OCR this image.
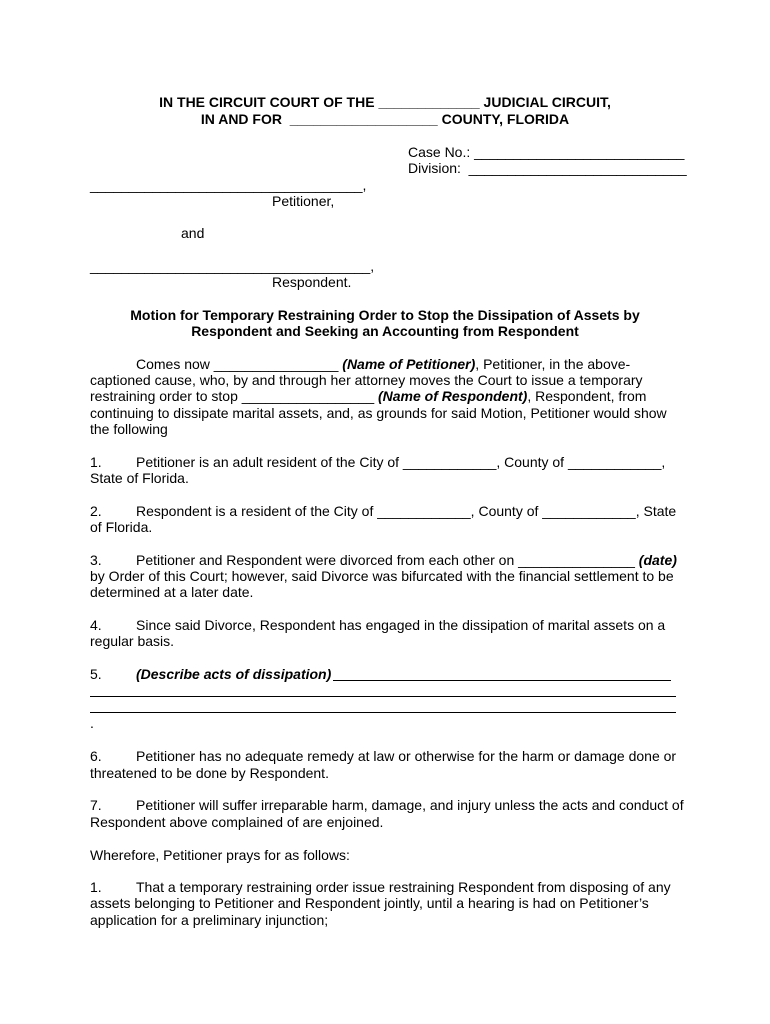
IN THE CIRCUIT COURT OF THE _____________ JUDICIAL CIRCUIT,
IN AND FOR  ___________________ COUNTY, FLORIDA
Case No.: ___________________________
Division:  ____________________________
___________________________________,
Petitioner,
and
____________________________________,
Respondent.
Motion for Temporary Restraining Order to Stop the Dissipation of Assets by
Respondent and Seeking an Accounting from Respondent
Comes now ________________ (Name of Petitioner), Petitioner, in the above-
captioned cause, who, by and through her attorney moves the Court to issue a temporary
restraining order to stop _________________ (Name of Respondent), Respondent, from
continuing to dissipate marital assets, and, as grounds for said Motion, Petitioner would show
the following
1. Petitioner is an adult resident of the City of ____________, County of ____________,
State of Florida.
2. Respondent is a resident of the City of ____________, County of ____________, State
of Florida.
3. Petitioner and Respondent were divorced from each other on _______________ (date)
by Order of this Court; however, said Divorce was bifurcated with the financial settlement to be
determined at a later date.
4. Since said Divorce, Respondent has engaged in the dissipation of marital assets on a
regular basis.
5. (Describe acts of dissipation)
.
6. Petitioner has no adequate remedy at law or otherwise for the harm or damage done or
threatened to be done by Respondent.
7. Petitioner will suffer irreparable harm, damage, and injury unless the acts and conduct of
Respondent above complained of are enjoined.
Wherefore, Petitioner prays for as follows:
1. That a temporary restraining order issue restraining Respondent from disposing of any
assets belonging to Petitioner and Respondent jointly, until a hearing is had on Petitioner’s
application for a preliminary injunction;
